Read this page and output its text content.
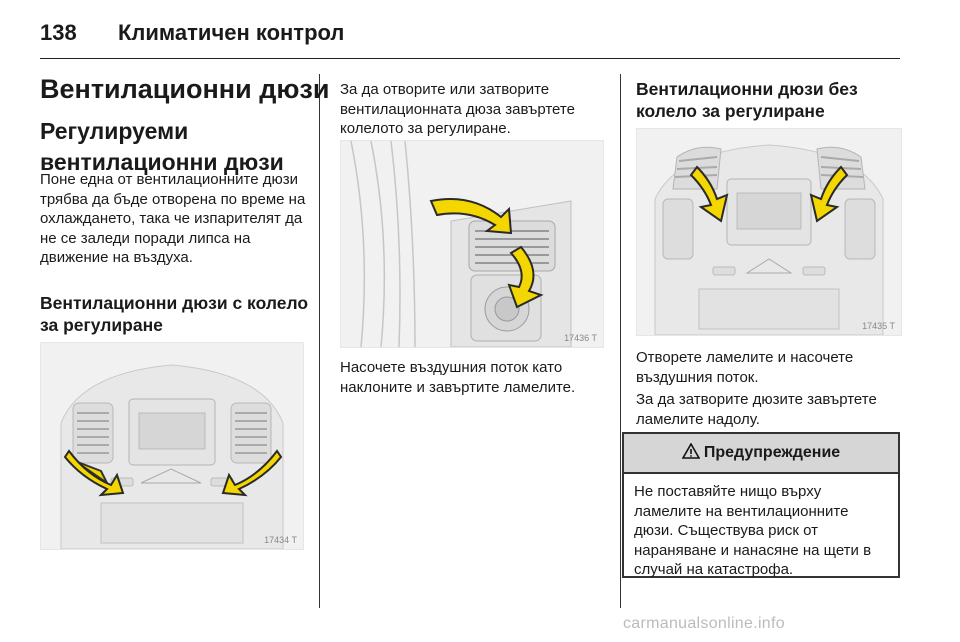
138 Климатичен контрол
Вентилационни дюзи
Регулируеми вентилационни дюзи
Поне една от вентилационните дюзи трябва да бъде отворена по време на охлаждането, така че изпарителят да не се заледи поради липса на движение на въздуха.
Вентилационни дюзи с колело за регулиране
17434 T
За да отворите или затворите вентилационната дюза завъртете колелото за регулиране.
17436 T
Насочете въздушния поток като наклоните и завъртите ламелите.
Вентилационни дюзи без колело за регулиране
17435 T
Отворете ламелите и насочете въздушния поток.
За да затворите дюзите завъртете ламелите надолу.
Предупреждение
Не поставяйте нищо върху ламелите на вентилационните дюзи. Съществува риск от нараняване и нанасяне на щети в случай на катастрофа.
carmanualsonline.info
